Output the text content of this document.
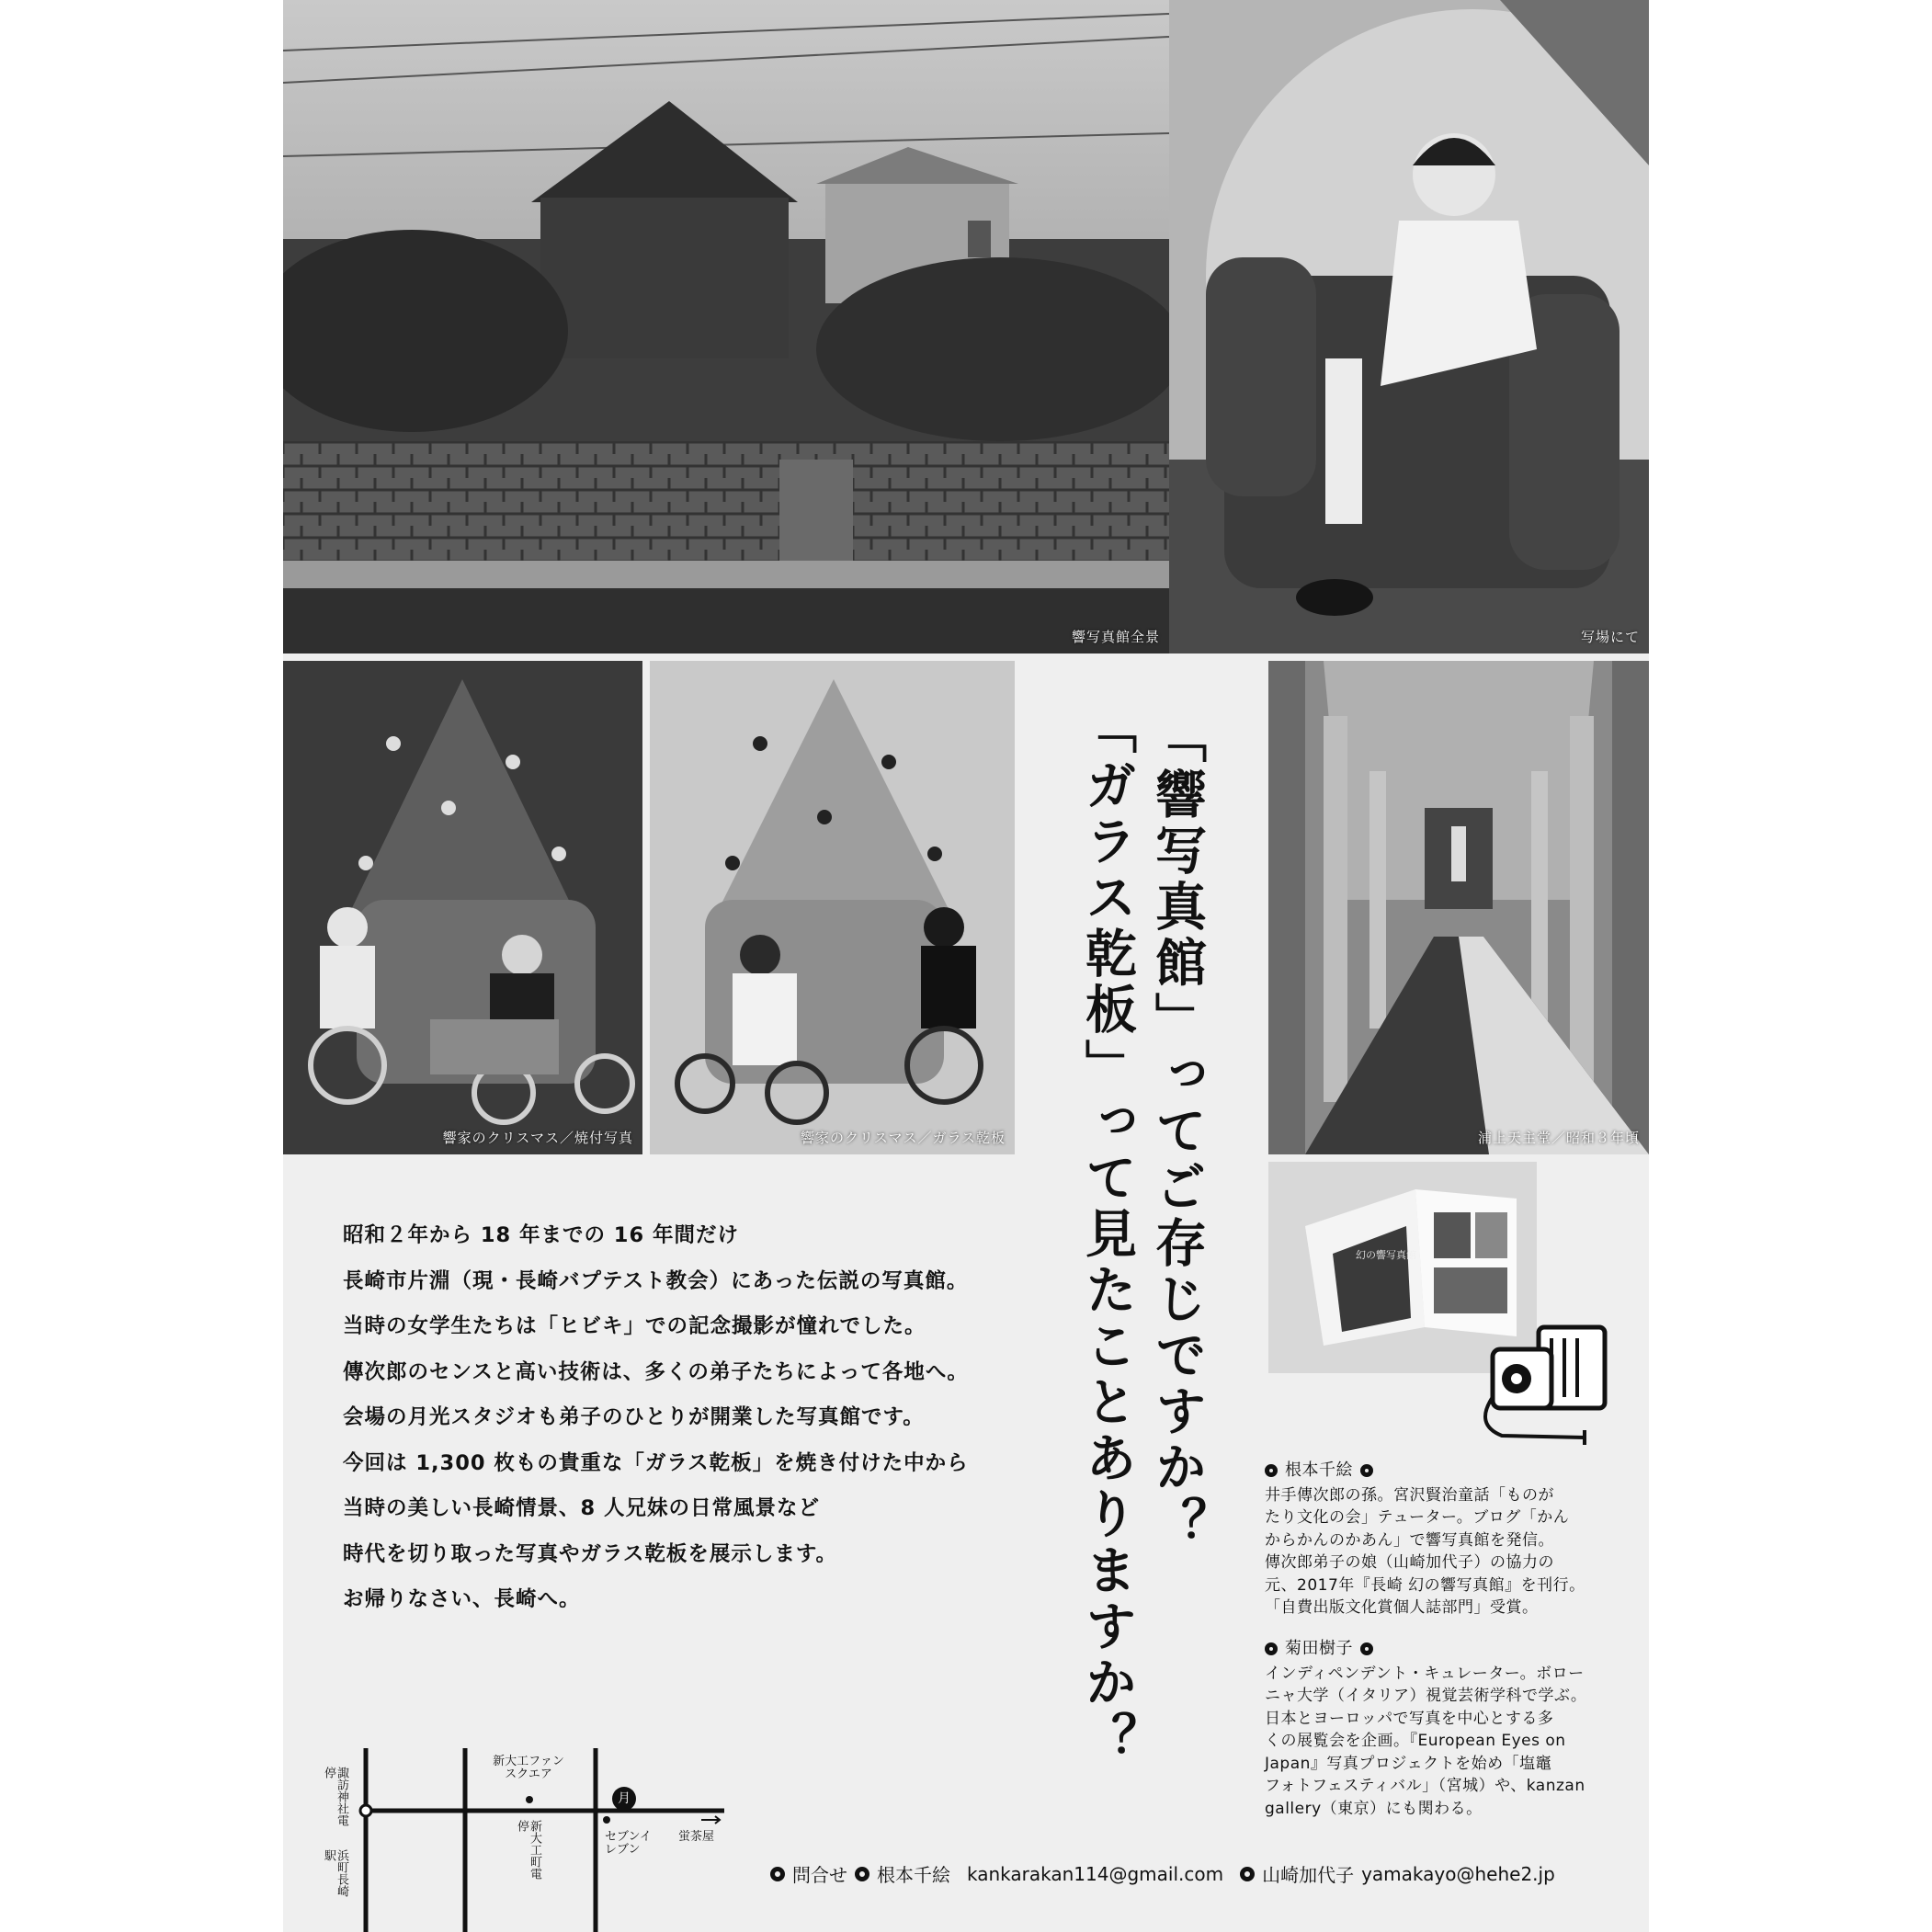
響写真館全景	写場にて
響家のクリスマス／焼付写真	響家のクリスマス／ガラス乾板	浦上天主堂／昭和３年頃
幻の響写真館
「響写真館」ってご存じですか？
「ガラス乾板」って見たことありますか？

昭和２年から 18 年までの 16 年間だけ

長崎市片淵（現・長崎バプテスト教会）にあった伝説の写真館。

当時の女学生たちは「ヒビキ」での記念撮影が憧れでした。

傳次郎のセンスと高い技術は、多くの弟子たちによって各地へ。

会場の月光スタジオも弟子のひとりが開業した写真館です。

今回は 1,300 枚もの貴重な「ガラス乾板」を焼き付けた中から

当時の美しい長崎情景、8 人兄妹の日常風景など

時代を切り取った写真やガラス乾板を展示します。

お帰りなさい、長崎へ。

根本千絵

井手傳次郎の孫。宮沢賢治童話「ものが

たり文化の会」テューター。ブログ「かん

からかんのかあん」で響写真館を発信。

傳次郎弟子の娘（山崎加代子）の協力の

元、2017年『長崎 幻の響写真館』を刊行。

「自費出版文化賞個人誌部門」受賞。

菊田樹子

インディペンデント・キュレーター。ボロー

ニャ大学（イタリア）視覚芸術学科で学ぶ。

日本とヨーロッパで写真を中心とする多

くの展覧会を企画。『European Eyes on

Japan』写真プロジェクトを始め「塩竈

フォトフェスティバル」（宮城）や、kanzan

gallery（東京）にも関わる。

問合せ 根本千絵 kankarakan114@gmail.com 山崎加代子 yamakayo@hehe2.jp
諏訪神社電停
浜町長崎駅
新大工ファンスクエア
新大工町電停
月
セブンイレブン
蛍茶屋
